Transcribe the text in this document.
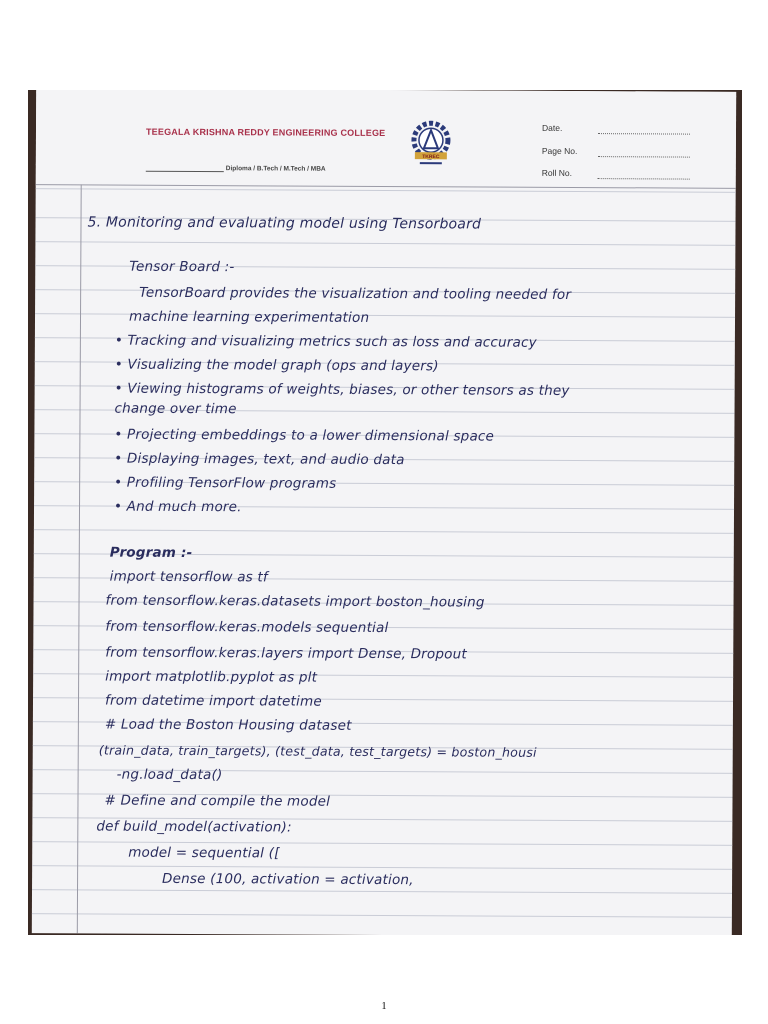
TEEGALA KRISHNA REDDY ENGINEERING COLLEGE
Diploma / B.Tech / M.Tech / MBA
TKREC
Date.
Page No.
Roll No.
5. Monitoring and evaluating model using Tensorboard
Tensor Board :-
TensorBoard provides the visualization and tooling needed for
machine learning experimentation
• Tracking and visualizing metrics such as loss and accuracy
• Visualizing the model graph (ops and layers)
• Viewing histograms of weights, biases, or other tensors as they
change over time
• Projecting embeddings to a lower dimensional space
• Displaying images, text, and audio data
• Profiling TensorFlow programs
• And much more.
Program :-
import tensorflow as tf
from tensorflow.keras.datasets import boston_housing
from tensorflow.keras.models sequential
from tensorflow.keras.layers import Dense, Dropout
import matplotlib.pyplot as plt
from datetime import datetime
# Load the Boston Housing dataset
(train_data, train_targets), (test_data, test_targets) = boston_housi
-ng.load_data()
# Define and compile the model
def build_model(activation):
model = sequential ([
Dense (100, activation = activation,
1
